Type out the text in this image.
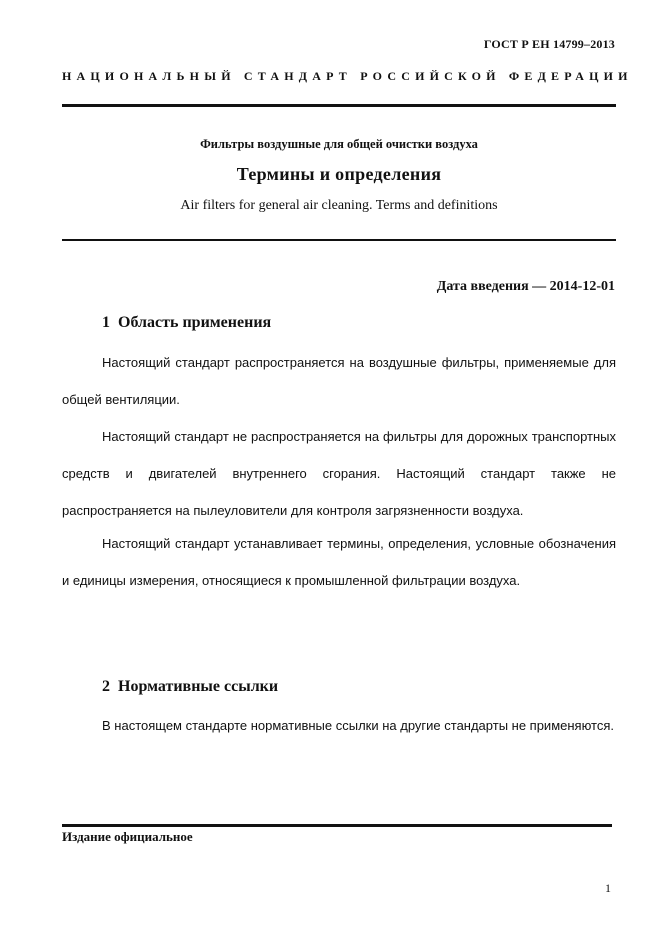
ГОСТ Р ЕН 14799–2013
НАЦИОНАЛЬНЫЙ СТАНДАРТ РОССИЙСКОЙ ФЕДЕРАЦИИ
Фильтры воздушные для общей очистки воздуха
Термины и определения
Air filters for general air cleaning. Terms and definitions
Дата введения — 2014-12-01
1 Область применения

Настоящий стандарт распространяется на воздушные фильтры, применяемые для общей вентиляции.

Настоящий стандарт не распространяется на фильтры для дорожных транспортных средств и двигателей внутреннего сгорания. Настоящий стандарт также не распространяется на пылеуловители для контроля загрязненности воздуха.

Настоящий стандарт устанавливает термины, определения, условные обозначения и единицы измерения, относящиеся к промышленной фильтрации воздуха.

2 Нормативные ссылки

В настоящем стандарте нормативные ссылки на другие стандарты не применяются.

Издание официальное
1
